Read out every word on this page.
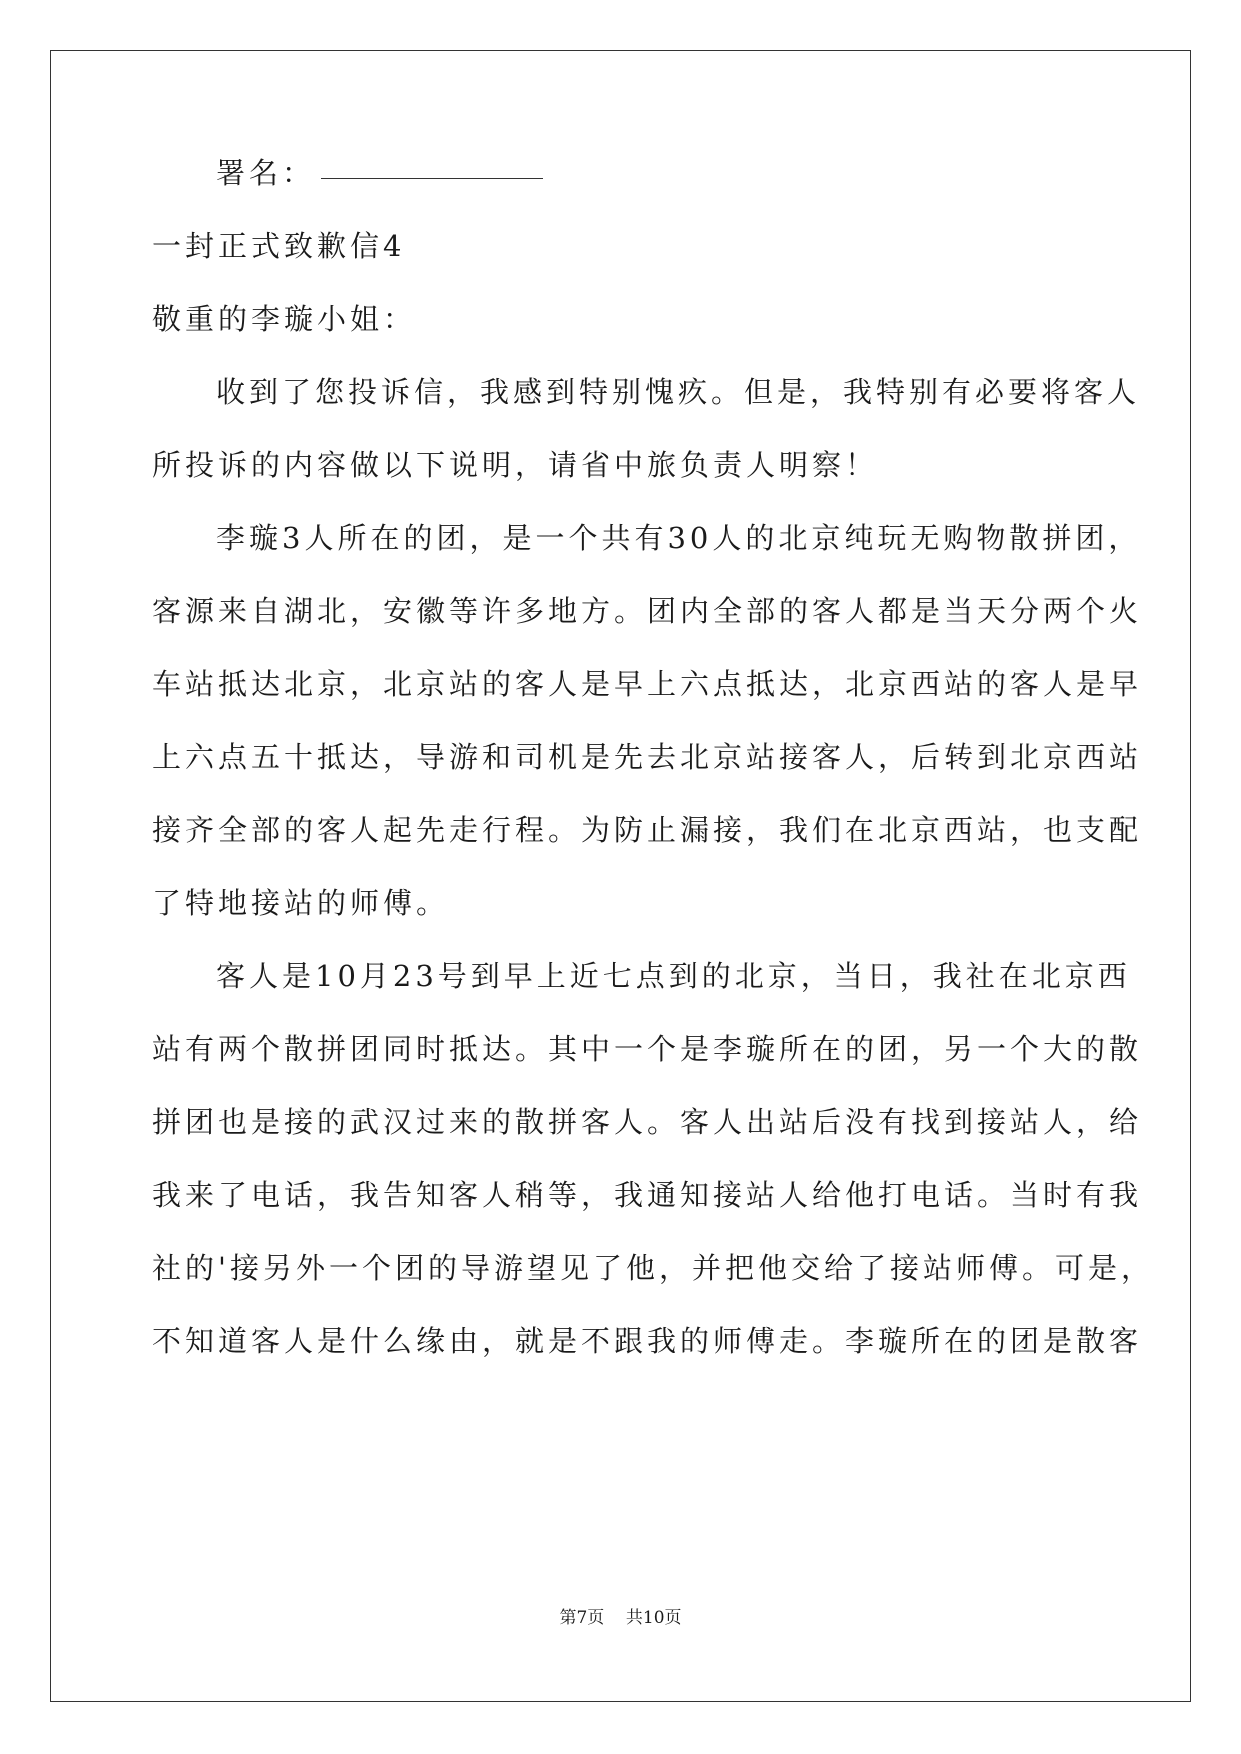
署名：
一封正式致歉信4
敬重的李璇小姐：
收到了您投诉信，我感到特别愧疚。但是，我特别有必要将客人
所投诉的内容做以下说明，请省中旅负责人明察！
李璇3人所在的团，是一个共有30人的北京纯玩无购物散拼团，
客源来自湖北，安徽等许多地方。团内全部的客人都是当天分两个火
车站抵达北京，北京站的客人是早上六点抵达，北京西站的客人是早
上六点五十抵达，导游和司机是先去北京站接客人，后转到北京西站
接齐全部的客人起先走行程。为防止漏接，我们在北京西站，也支配
了特地接站的师傅。
客人是10月23号到早上近七点到的北京，当日，我社在北京西
站有两个散拼团同时抵达。其中一个是李璇所在的团，另一个大的散
拼团也是接的武汉过来的散拼客人。客人出站后没有找到接站人，给
我来了电话，我告知客人稍等，我通知接站人给他打电话。当时有我
社的'接另外一个团的导游望见了他，并把他交给了接站师傅。可是，
不知道客人是什么缘由，就是不跟我的师傅走。李璇所在的团是散客
第7页    共10页
